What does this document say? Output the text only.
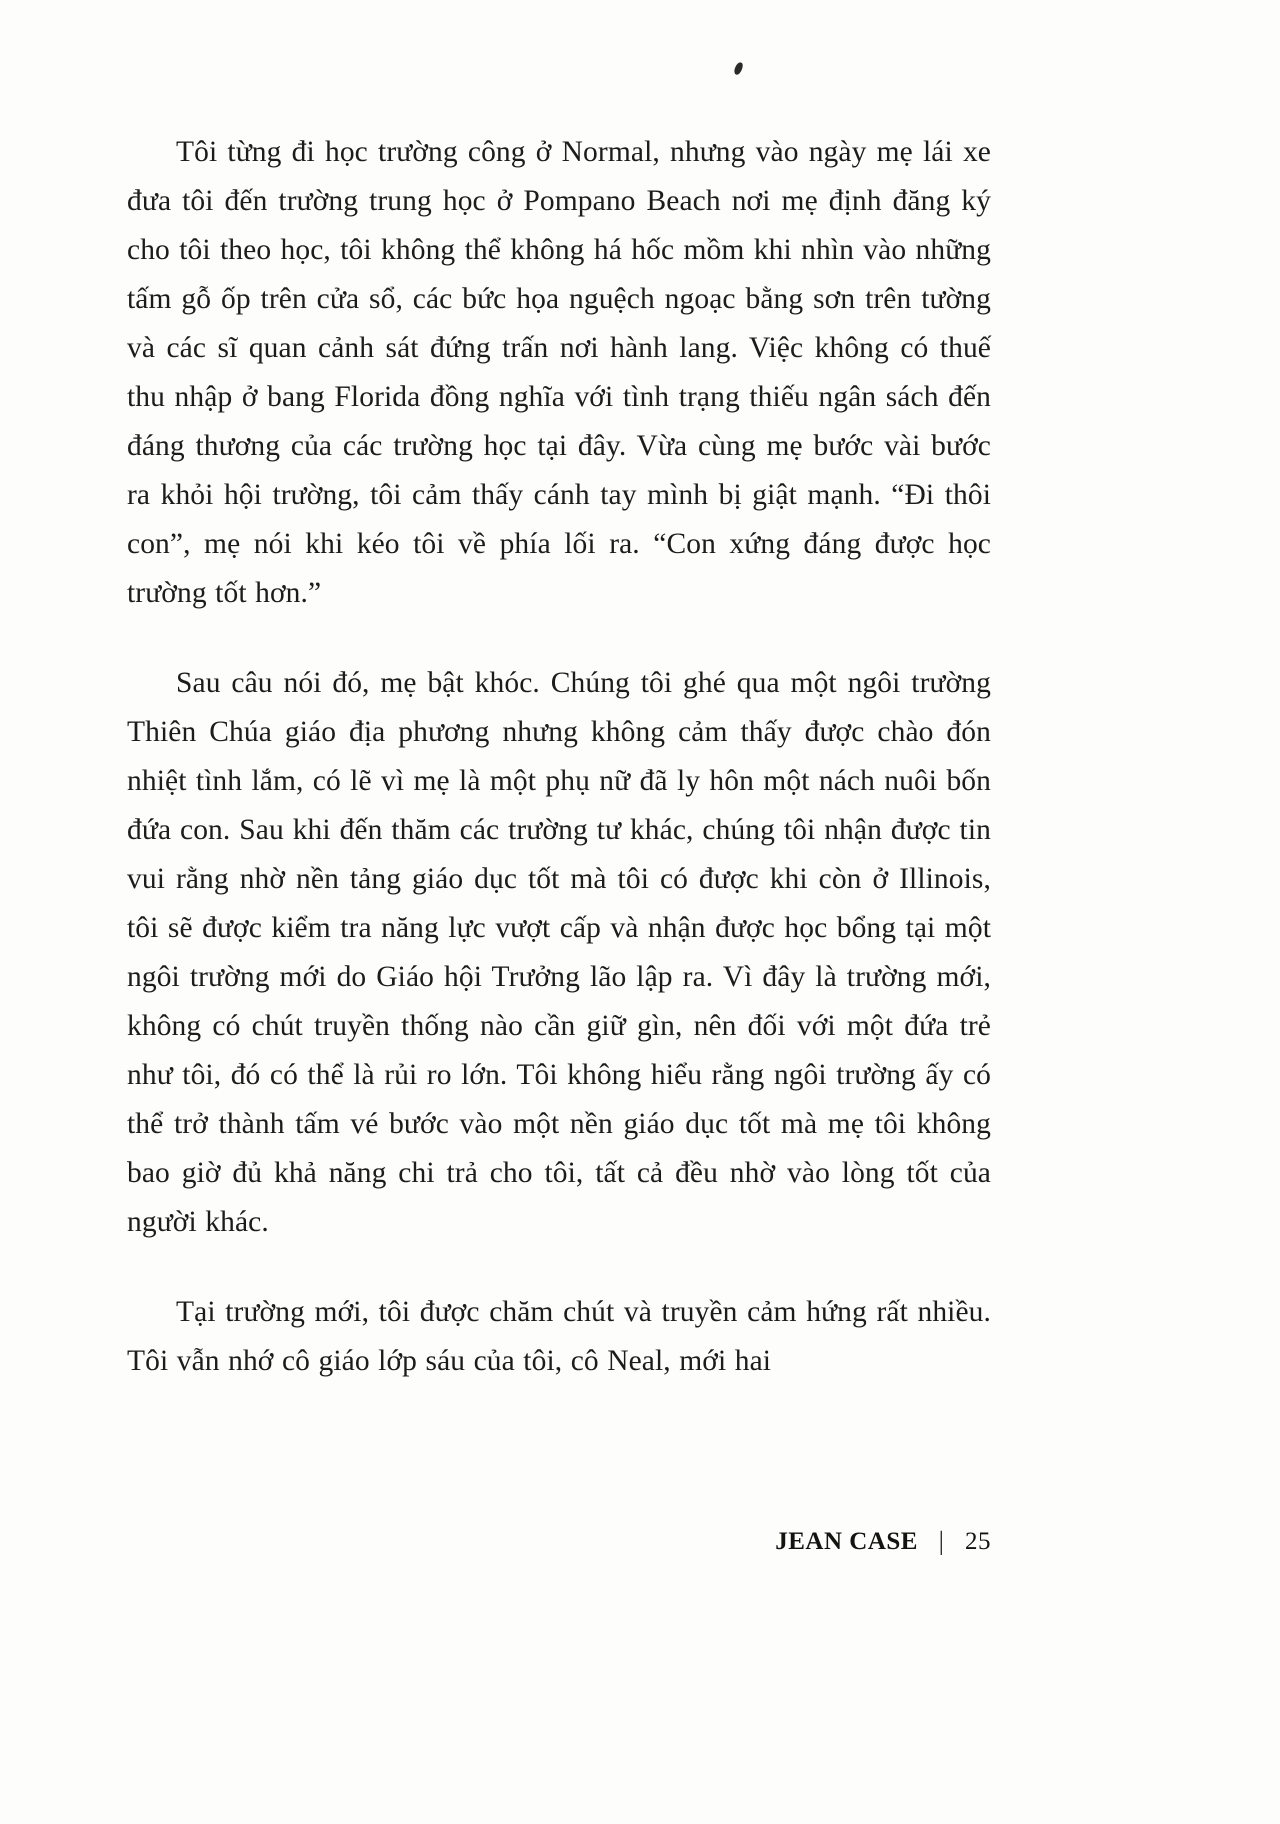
Tôi từng đi học trường công ở Normal, nhưng vào ngày mẹ lái xe đưa tôi đến trường trung học ở Pompano Beach nơi mẹ định đăng ký cho tôi theo học, tôi không thể không há hốc mồm khi nhìn vào những tấm gỗ ốp trên cửa sổ, các bức họa nguệch ngoạc bằng sơn trên tường và các sĩ quan cảnh sát đứng trấn nơi hành lang. Việc không có thuế thu nhập ở bang Florida đồng nghĩa với tình trạng thiếu ngân sách đến đáng thương của các trường học tại đây. Vừa cùng mẹ bước vài bước ra khỏi hội trường, tôi cảm thấy cánh tay mình bị giật mạnh. “Đi thôi con”, mẹ nói khi kéo tôi về phía lối ra. “Con xứng đáng được học trường tốt hơn.”

Sau câu nói đó, mẹ bật khóc. Chúng tôi ghé qua một ngôi trường Thiên Chúa giáo địa phương nhưng không cảm thấy được chào đón nhiệt tình lắm, có lẽ vì mẹ là một phụ nữ đã ly hôn một nách nuôi bốn đứa con. Sau khi đến thăm các trường tư khác, chúng tôi nhận được tin vui rằng nhờ nền tảng giáo dục tốt mà tôi có được khi còn ở Illinois, tôi sẽ được kiểm tra năng lực vượt cấp và nhận được học bổng tại một ngôi trường mới do Giáo hội Trưởng lão lập ra. Vì đây là trường mới, không có chút truyền thống nào cần giữ gìn, nên đối với một đứa trẻ như tôi, đó có thể là rủi ro lớn. Tôi không hiểu rằng ngôi trường ấy có thể trở thành tấm vé bước vào một nền giáo dục tốt mà mẹ tôi không bao giờ đủ khả năng chi trả cho tôi, tất cả đều nhờ vào lòng tốt của người khác.

Tại trường mới, tôi được chăm chút và truyền cảm hứng rất nhiều. Tôi vẫn nhớ cô giáo lớp sáu của tôi, cô Neal, mới hai

JEAN CASE | 25
